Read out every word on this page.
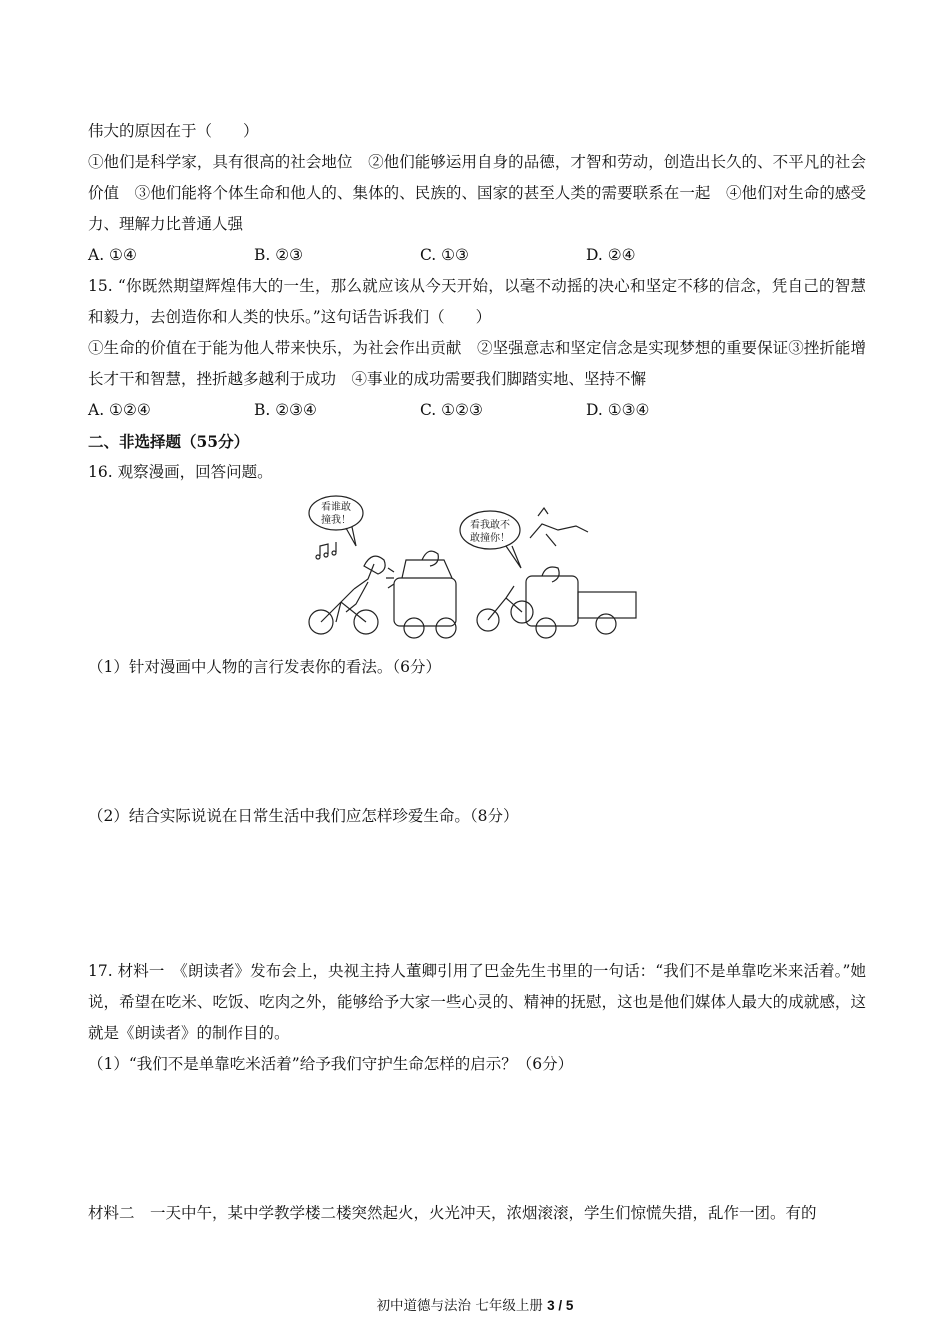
伟大的原因在于（　　）
①他们是科学家，具有很高的社会地位　②他们能够运用自身的品德，才智和劳动，创造出长久的、不平凡的社会价值　③他们能将个体生命和他人的、集体的、民族的、国家的甚至人类的需要联系在一起　④他们对生命的感受力、理解力比普通人强
A. ①④	B. ②③	C. ①③	D. ②④
15. “你既然期望辉煌伟大的一生，那么就应该从今天开始，以毫不动摇的决心和坚定不移的信念，凭自己的智慧和毅力，去创造你和人类的快乐。”这句话告诉我们（　　）
①生命的价值在于能为他人带来快乐，为社会作出贡献　②坚强意志和坚定信念是实现梦想的重要保证③挫折能增长才干和智慧，挫折越多越利于成功　④事业的成功需要我们脚踏实地、坚持不懈
A. ①②④	B. ②③④	C. ①②③	D. ①③④
二、非选择题（55分）
16. 观察漫画，回答问题。
看谁敢
撞我！	看我敢不
敢撞你！
（1）针对漫画中人物的言行发表你的看法。（6分）
（2）结合实际说说在日常生活中我们应怎样珍爱生命。（8分）
17. 材料一　《朗读者》发布会上，央视主持人董卿引用了巴金先生书里的一句话：“我们不是单靠吃米来活着。”她说，希望在吃米、吃饭、吃肉之外，能够给予大家一些心灵的、精神的抚慰，这也是他们媒体人最大的成就感，这就是《朗读者》的制作目的。
（1）“我们不是单靠吃米活着”给予我们守护生命怎样的启示？（6分）
材料二　一天中午，某中学教学楼二楼突然起火，火光冲天，浓烟滚滚，学生们惊慌失措，乱作一团。有的
初中道德与法治 七年级上册 3 / 5
